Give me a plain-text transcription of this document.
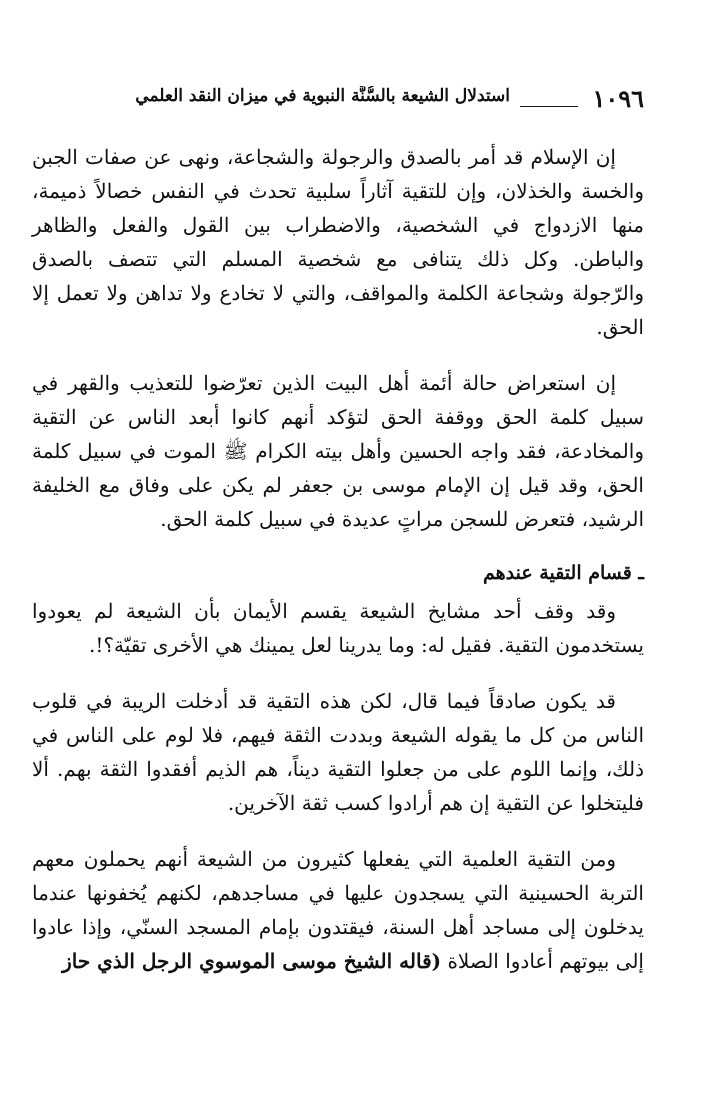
١٠٩٦
استدلال الشيعة بالسُّنَّة النبوية في ميزان النقد العلمي

إن الإسلام قد أمر بالصدق والرجولة والشجاعة، ونهى عن صفات الجبن والخسة والخذلان، وإن للتقية آثاراً سلبية تحدث في النفس خصالاً ذميمة، منها الازدواج في الشخصية، والاضطراب بين القول والفعل والظاهر والباطن. وكل ذلك يتنافى مع شخصية المسلم التي تتصف بالصدق والرّجولة وشجاعة الكلمة والمواقف، والتي لا تخادع ولا تداهن ولا تعمل إلا الحق.

إن استعراض حالة أئمة أهل البيت الذين تعرّضوا للتعذيب والقهر في سبيل كلمة الحق ووقفة الحق لتؤكد أنهم كانوا أبعد الناس عن التقية والمخادعة، فقد واجه الحسين وأهل بيته الكرام ﷺ الموت في سبيل كلمة الحق، وقد قيل إن الإمام موسى بن جعفر لم يكن على وفاق مع الخليفة الرشيد، فتعرض للسجن مراتٍ عديدة في سبيل كلمة الحق.

ـ قسام التقية عندهم

وقد وقف أحد مشايخ الشيعة يقسم الأيمان بأن الشيعة لم يعودوا يستخدمون التقية. فقيل له: وما يدرينا لعل يمينك هي الأخرى تقيّة؟!.

قد يكون صادقاً فيما قال، لكن هذه التقية قد أدخلت الريبة في قلوب الناس من كل ما يقوله الشيعة وبددت الثقة فيهم، فلا لوم على الناس في ذلك، وإنما اللوم على من جعلوا التقية ديناً، هم الذيم أفقدوا الثقة بهم. ألا فليتخلوا عن التقية إن هم أرادوا كسب ثقة الآخرين.

ومن التقية العلمية التي يفعلها كثيرون من الشيعة أنهم يحملون معهم التربة الحسينية التي يسجدون عليها في مساجدهم، لكنهم يُخفونها عندما يدخلون إلى مساجد أهل السنة، فيقتدون بإمام المسجد السنّي، وإذا عادوا إلى بيوتهم أعادوا الصلاة (قاله الشيخ موسى الموسوي الرجل الذي حاز
